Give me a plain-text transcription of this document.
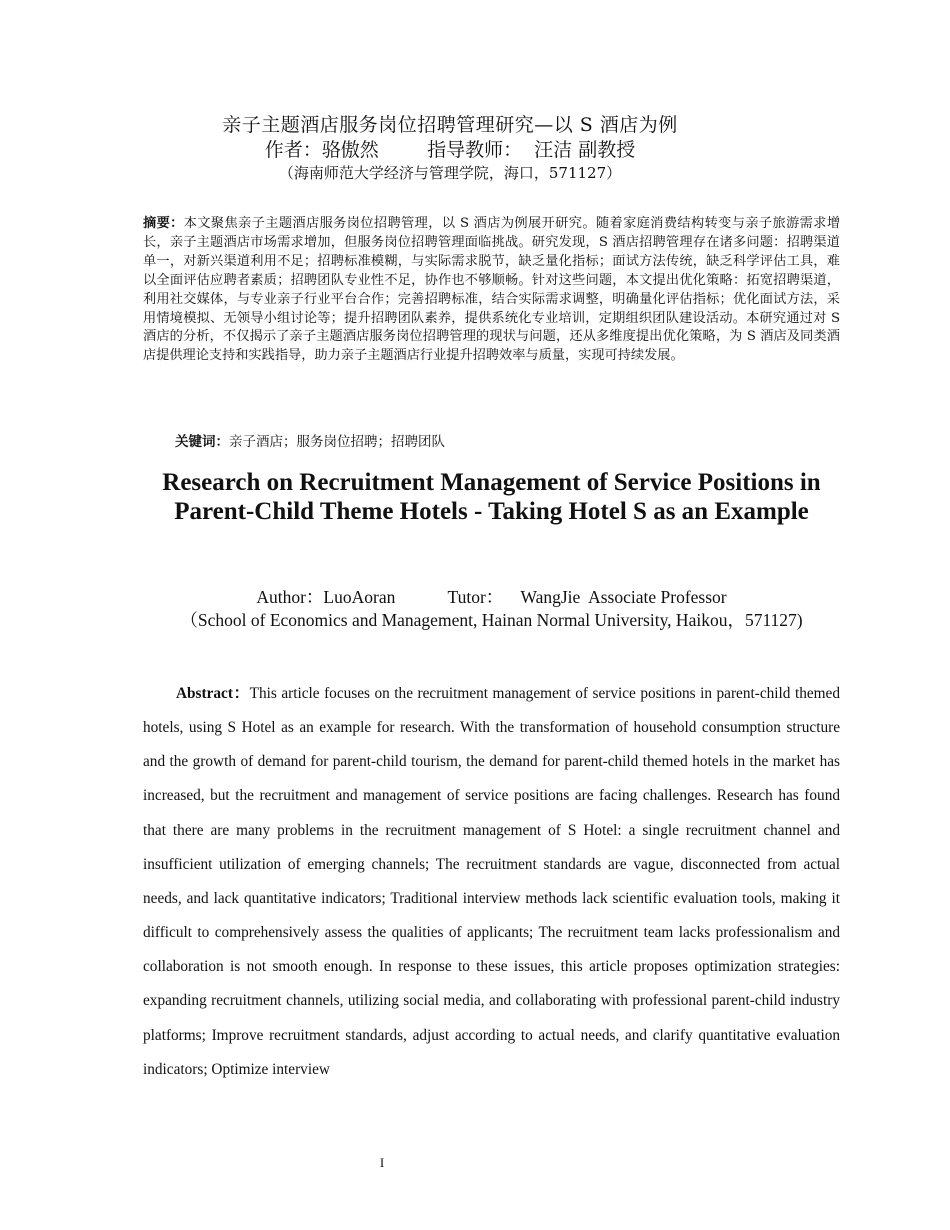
亲子主题酒店服务岗位招聘管理研究—以 S 酒店为例
作者：骆傲然        指导教师：  汪洁 副教授
（海南师范大学经济与管理学院，海口，571127）
摘要：本文聚焦亲子主题酒店服务岗位招聘管理，以 S 酒店为例展开研究。随着家庭消费结构转变与亲子旅游需求增长，亲子主题酒店市场需求增加，但服务岗位招聘管理面临挑战。研究发现，S 酒店招聘管理存在诸多问题：招聘渠道单一，对新兴渠道利用不足；招聘标准模糊，与实际需求脱节，缺乏量化指标；面试方法传统，缺乏科学评估工具，难以全面评估应聘者素质；招聘团队专业性不足，协作也不够顺畅。针对这些问题，本文提出优化策略：拓宽招聘渠道，利用社交媒体，与专业亲子行业平台合作；完善招聘标准，结合实际需求调整，明确量化评估指标；优化面试方法，采用情境模拟、无领导小组讨论等；提升招聘团队素养，提供系统化专业培训，定期组织团队建设活动。本研究通过对 S 酒店的分析，不仅揭示了亲子主题酒店服务岗位招聘管理的现状与问题，还从多维度提出优化策略，为 S 酒店及同类酒店提供理论支持和实践指导，助力亲子主题酒店行业提升招聘效率与质量，实现可持续发展。
关键词：亲子酒店；服务岗位招聘；招聘团队
Research on Recruitment Management of Service Positions in Parent-Child Theme Hotels - Taking Hotel S as an Example
Author：LuoAoran            Tutor：    WangJie  Associate Professor
（School of Economics and Management, Hainan Normal University, Haikou，571127)
Abstract：This article focuses on the recruitment management of service positions in parent-child themed hotels, using S Hotel as an example for research. With the transformation of household consumption structure and the growth of demand for parent-child tourism, the demand for parent-child themed hotels in the market has increased, but the recruitment and management of service positions are facing challenges. Research has found that there are many problems in the recruitment management of S Hotel: a single recruitment channel and insufficient utilization of emerging channels; The recruitment standards are vague, disconnected from actual needs, and lack quantitative indicators; Traditional interview methods lack scientific evaluation tools, making it difficult to comprehensively assess the qualities of applicants; The recruitment team lacks professionalism and collaboration is not smooth enough. In response to these issues, this article proposes optimization strategies: expanding recruitment channels, utilizing social media, and collaborating with professional parent-child industry platforms; Improve recruitment standards, adjust according to actual needs, and clarify quantitative evaluation indicators; Optimize interview
I
